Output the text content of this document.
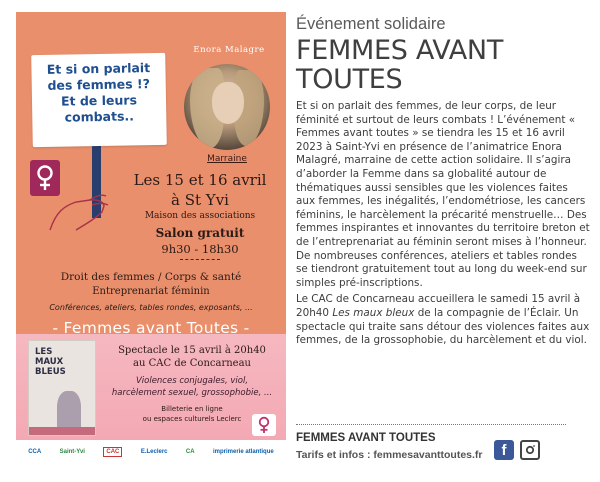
Et si on parlait
des femmes !?
Et de leurs
combats..
Enora Malagre
Marraine
Les 15 et 16 avril
à St Yvi
Maison des associations
Salon gratuit
9h30 - 18h30
Droit des femmes / Corps & santé
Entreprenariat féminin
Conférences, ateliers, tables rondes, exposants, ...
- Femmes avant Toutes -
LES
MAUX
BLEUS
Spectacle le 15 avril à 20h40
au CAC de Concarneau
Violences conjugales, viol,
harcèlement sexuel, grossophobie, ...
Billeterie en ligne
ou espaces culturels Leclerc
CCA	Saint-Yvi	CAC	E.Leclerc	CA	imprimerie atlantique
Événement solidaire
FEMMES AVANT
TOUTES

Et si on parlait des femmes, de leur corps, de leur féminité et surtout de leurs combats ! L’événement « Femmes avant toutes » se tiendra les 15 et 16 avril 2023 à Saint-Yvi en présence de l’animatrice Enora Malagré, marraine de cette action solidaire. Il s’agira d’aborder la Femme dans sa globalité autour de thématiques aussi sensibles que les violences faites aux femmes, les inégalités, l’endométriose, les cancers féminins, le harcèlement la précarité menstruelle… Des femmes inspirantes et innovantes du territoire breton et de l’entreprenariat au féminin seront mises à l’honneur. De nombreuses conférences, ateliers et tables rondes se tiendront gratuitement tout au long du week-end sur simples pré-inscriptions.

Le CAC de Concarneau accueillera le samedi 15 avril à 20h40 Les maux bleux de la compagnie de l’Éclair. Un spectacle qui traite sans détour des violences faites aux femmes, de la grossophobie, du harcèlement et du viol.

FEMMES AVANT TOUTES
Tarifs et infos : femmesavanttoutes.fr	f
